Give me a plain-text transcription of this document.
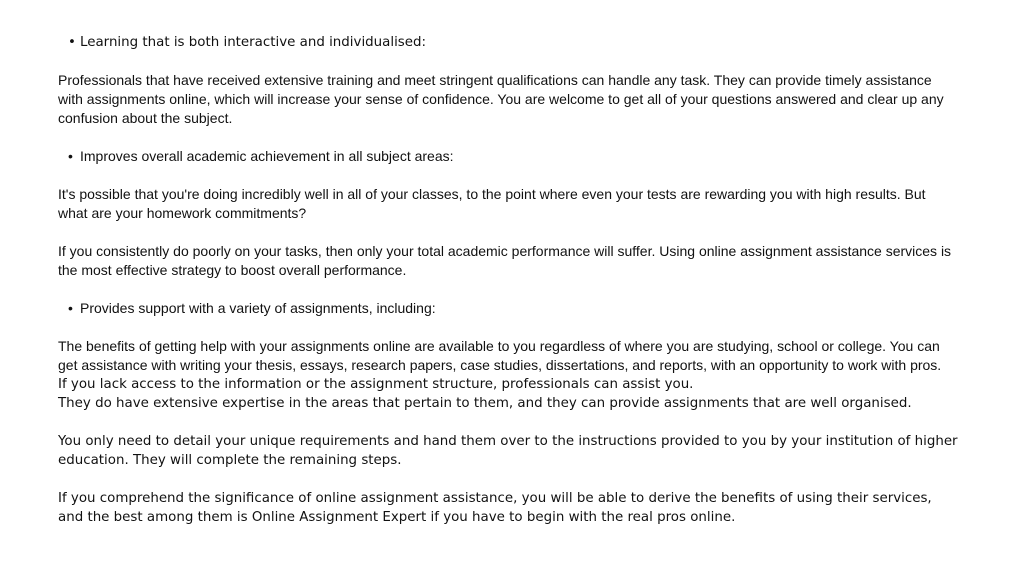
• Learning that is both interactive and individualised:

Professionals that have received extensive training and meet stringent qualifications can handle any task. They can provide timely assistance with assignments online, which will increase your sense of confidence. You are welcome to get all of your questions answered and clear up any confusion about the subject.

• Improves overall academic achievement in all subject areas:

It's possible that you're doing incredibly well in all of your classes, to the point where even your tests are rewarding you with high results. But what are your homework commitments?

If you consistently do poorly on your tasks, then only your total academic performance will suffer. Using online assignment assistance services is the most effective strategy to boost overall performance.

• Provides support with a variety of assignments, including:

The benefits of getting help with your assignments online are available to you regardless of where you are studying, school or college. You can get assistance with writing your thesis, essays, research papers, case studies, dissertations, and reports, with an opportunity to work with pros.

If you lack access to the information or the assignment structure, professionals can assist you.

They do have extensive expertise in the areas that pertain to them, and they can provide assignments that are well organised.

You only need to detail your unique requirements and hand them over to the instructions provided to you by your institution of higher education. They will complete the remaining steps.

If you comprehend the significance of online assignment assistance, you will be able to derive the benefits of using their services, and the best among them is Online Assignment Expert if you have to begin with the real pros online.
